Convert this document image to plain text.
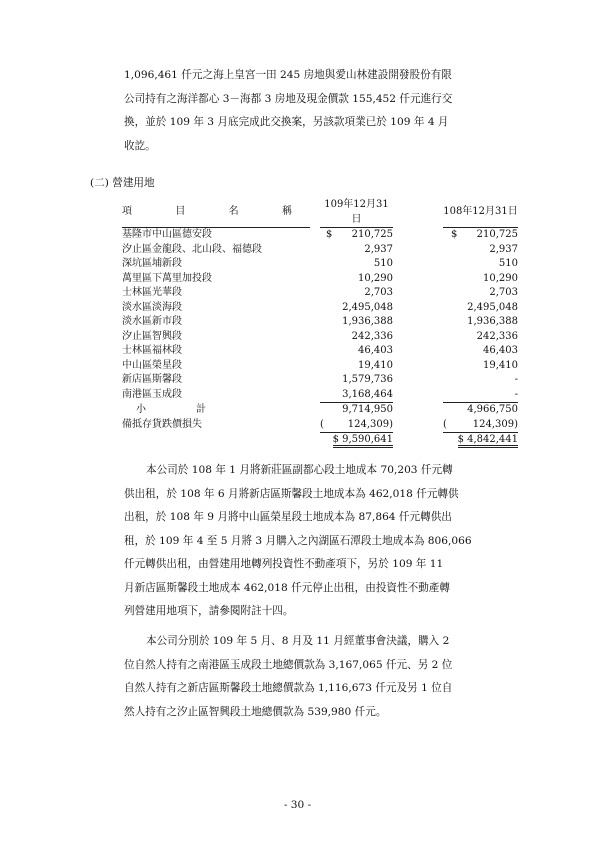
1,096,461 仟元之海上皇宮一田 245 房地與愛山林建設開發股份有限
公司持有之海洋都心 3－海都 3 房地及現金價款 155,452 仟元進行交
換，並於 109 年 3 月底完成此交換案，另該款項業已於 109 年 4 月
收訖。
(二) 營建用地
項 目 名 稱		109年12月31日		108年12月31日
基隆市中山區德安段		$ 210,725		$ 210,725
汐止區金龍段、北山段、福德段		2,937		2,937
深坑區埔新段		510		510
萬里區下萬里加投段		10,290		10,290
士林區光華段		2,703		2,703
淡水區淡海段		2,495,048		2,495,048
淡水區新市段		1,936,388		1,936,388
汐止區智興段		242,336		242,336
士林區福林段		46,403		46,403
中山區榮星段		19,410		19,410
新店區斯馨段		1,579,736		-
南港區玉成段		3,168,464		-

小 計		9,714,950		4,966,750
備抵存貨跌價損失		( 124,309)		( 124,309)
		$ 9,590,641		$ 4,842,441
本公司於 108 年 1 月將新莊區副都心段土地成本 70,203 仟元轉
供出租，於 108 年 6 月將新店區斯馨段土地成本為 462,018 仟元轉供
出租，於 108 年 9 月將中山區榮星段土地成本為 87,864 仟元轉供出
租，於 109 年 4 至 5 月將 3 月購入之內湖區石潭段土地成本為 806,066
仟元轉供出租，由營建用地轉列投資性不動產項下，另於 109 年 11
月新店區斯馨段土地成本 462,018 仟元停止出租，由投資性不動產轉
列營建用地項下，請參閱附註十四。
本公司分別於 109 年 5 月、8 月及 11 月經董事會決議，購入 2
位自然人持有之南港區玉成段土地總價款為 3,167,065 仟元、另 2 位
自然人持有之新店區斯馨段土地總價款為 1,116,673 仟元及另 1 位自
然人持有之汐止區智興段土地總價款為 539,980 仟元。
- 30 -
